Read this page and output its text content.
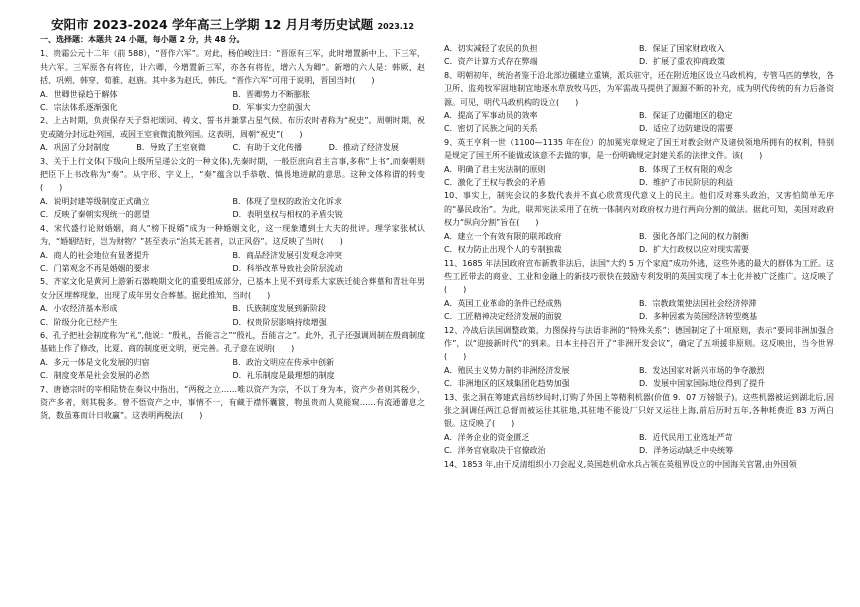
安阳市 2023-2024 学年高三上学期 12 月月考历史试题 2023.12
一、选择题：本题共 24 小题，每小题 2 分，共 48 分。

1、贵霜公元十二年（前 588），“晋作六军”。对此，杨伯峻注曰：“晋原有三军，此时增置新中上、下三军，共六军。三军原各有将佐，计六卿，今增置新三军，亦各有将佐，增六人为卿”。新增的六人是：韩厥、赵括、巩朔、韩穿、荀骓、赵旃。其中多为赵氏、韩氏。“晋作六军”可用于说明，晋国当时(　　)

A．世卿世禄趋于解体	B．晋卿势力不断膨胀
C．宗法体系逐渐强化	D．军事实力空前强大

2、上古时期，负责保存天子祭祀颂词、祷文、誓书并兼掌占星气候、布历农时者称为“祝史”。周朝时期，祝史或随分封远赴列国，或因王室衰微流散列国。这表明，周朝“祝史”(　　)

A．巩固了分封制度	B．导致了王室衰微	C．有助于文化传播	D．推动了经济发展

3、关于上行文体(下级向上级所呈递公文的一种文体),先秦时期，一般臣庶向君主言事,多称“上书”,而秦朝则把臣下上书改称为“奏”。从字形、字义上，“奏”蕴含以手恭敬、慎畏地进献的意思。这种文体称谓的转变(　　)

A．说明封建等级制度正式确立	B．体现了皇权的政治文化诉求
C．反映了秦朝实现统一的愿望	D．表明皇权与相权的矛盾尖锐

4、宋代盛行论财婚姻，商人“榜下捉婿”成为一种婚姻文化，这一现象遭到士大夫的批评。理学家张栻认为，“婚姻结好，岂为财物？”甚至表示“治其无甚者，以正风俗”。这反映了当时(　　)

A．商人的社会地位有显著提升	B．商品经济发展引发观念冲突
C．门第观念不再是婚姻的要求	D．科举改革导致社会阶层流动

5、齐家文化是黄河上游新石器晚期文化的重要组成部分，已基本上见不到母系大家族迁徙合葬墓和青壮年男女分区埋葬现象，出现了成年男女合葬墓。据此推知，当时(　　)

A．小农经济基本形成	B．氏族制度发展到新阶段
C．阶级分化已经产生	D．权贵阶层影响持续增强

6、孔子把社会制度称为“礼”,他说：“殷礼，吾能言之”“殷礼，吾能言之”。此外，孔子还强调周制在殷商制度基础上作了修改，比夏、商的制度更文明，更完善。孔子意在说明(　　)

A．多元一体是文化发展的归宿	B．政治文明应在传承中创新
C．制度变革是社会发展的必然	D．礼乐制度是最理想的制度

7、唐德宗时的宰相陆贽在奏议中指出，“两税之立……唯以资产为宗，不以丁身为本，资产少者则其税少，资产多者，则其税多。曾不悟资产之中，事情不一，有藏于襟怀囊篋，物虽贵而人莫能窥……有流通蕃息之货，数虽寡而计日收赢”。这表明两税法(　　)

A．切实减轻了农民的负担	B．保证了国家财政收入
C．资产计算方式存在弊端	D．扩展了重农抑商政策

8、明朝初年，统治者鉴于沿北部边疆建立重镇，派兵驻守，还在附近地区设立马政机构，专管马匹的孳牧，各卫所、监苑牧军固地制宜地逐水草放牧马匹，为军需战马提供了源源不断的补充，成为明代传统的有力后备资源。可见，明代马政机构的设立(　　)

A．提高了军事动员的效率	B．保证了边疆地区的稳定
C．密切了民族之间的关系	D．适应了边防建设的需要

9、英王亨利一世（1100—1135 年在位）的加冕宪章规定了国王对教会财产及诸侯领地所拥有的权利，特别是规定了国王所不能做或该意不去做的事，是一份明确规定封建关系的法律文件。该(　　)

A．明确了君主宪法制的原则	B．体现了王权有限的观念
C．激化了王权与教会的矛盾	D．维护了市民阶层的利益

10、事实上，制宪会议的多数代表并不真心欣赏现代意义上的民主。他们反对寡头政治，又害怕简单无序的“暴民政治”。为此，联邦宪法采用了在统一体制内对政府权力进行两向分割的做法。据此可知，美国对政府权力“纵向分割”旨在(　　)

A．建立一个有效有限的联邦政府	B．强化各部门之间的权力制衡
C．权力防止出现个人的专制独裁	D．扩大行政权以应对现实需要

11、1685 年法国政府宣布新教非法后，法国“大约 5 万个家庭”成功外逃，这些外逃的最大的群体为工匠。这些工匠带去的商业、工业和金融上的新技巧很快在鼓励专利发明的英国实现了本土化并被广泛推广。这反映了(　　)

A．英国工业革命的条件已经成熟	B．宗教政策使法国社会经济停滞
C．工匠精神决定经济发展的面貌	D．多种因素为英国经济转型奠基

12、冷战后法国调整政策，力图保持与法语非洲的“特殊关系”；德国制定了十项原则，表示“要同非洲加强合作”，以“迎接新时代”的到来。日本主持召开了“非洲开发会议”，确定了五项援非原则。这反映出，当今世界(　　)

A．殖民主义势力制约非洲经济发展	B．发达国家对新兴市场的争夺激烈
C．非洲地区的区域集团化趋势加强	D．发展中国家国际地位得到了提升

13、张之洞在筹建武昌纺纱局时,订购了外国上等精利机器(价值 9．07 万镑银子)。这些机器被运到湖北后,因张之洞调任两江总督而被运往其驻地,其驻地不能设厂只好又运往上海,前后历时五年,各种耗费近 83 万两白银。这反映了(　　)

A．洋务企业的资金匮乏	B．近代民用工业选址严苛
C．洋务官衰取决于官僚政治	D．洋务运动缺乏中央统筹

14、1853 年,由于反清组织小刀会起义,英国趁机命水兵占领在英租界设立的中国海关官署,由外国领
